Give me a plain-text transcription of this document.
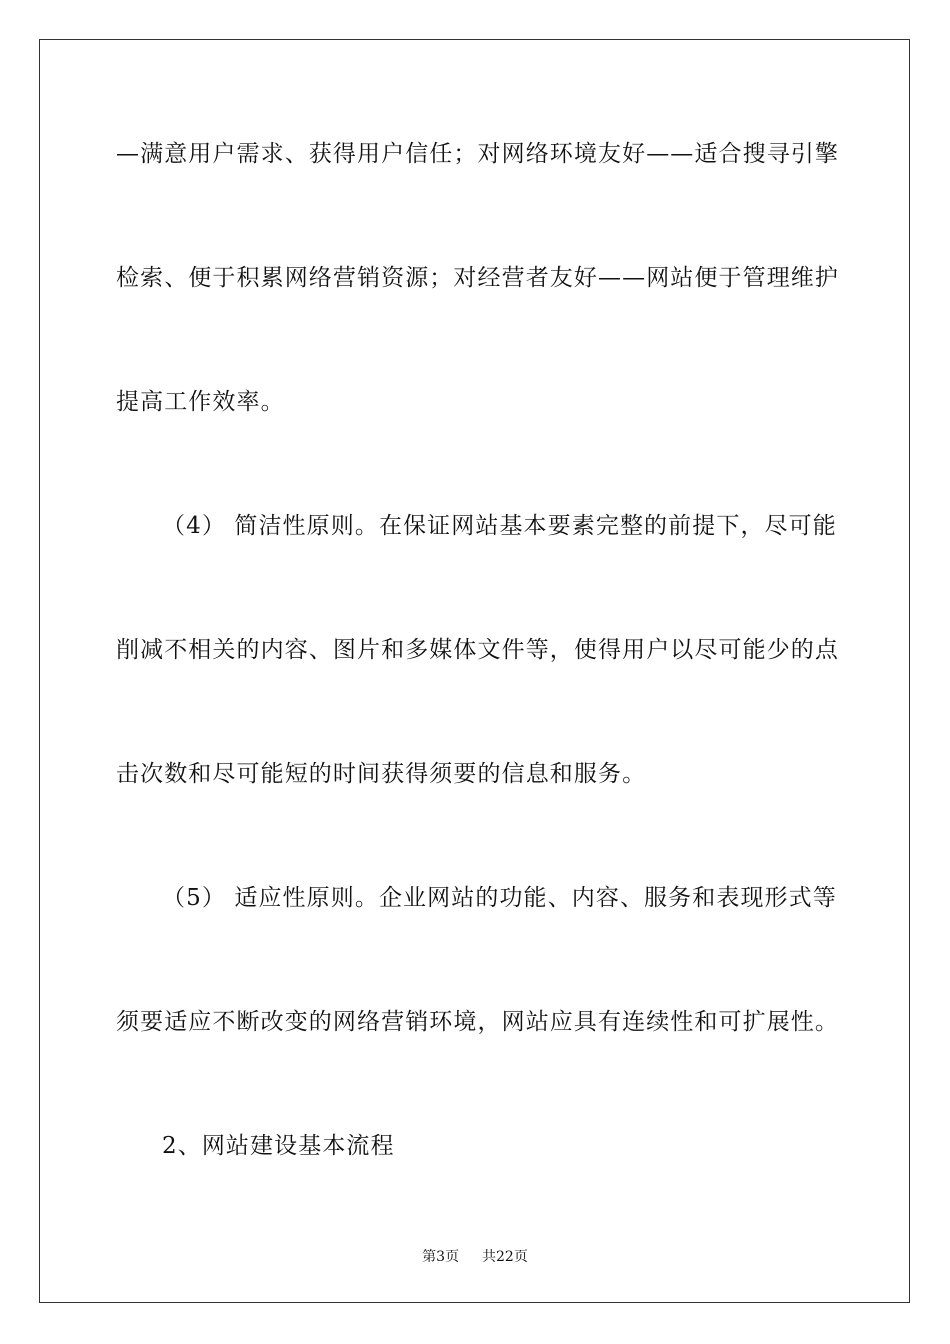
—满意用户需求、获得用户信任；对网络环境友好——适合搜寻引擎
检索、便于积累网络营销资源；对经营者友好——网站便于管理维护
提高工作效率。
（4） 简洁性原则。在保证网站基本要素完整的前提下，尽可能
削减不相关的内容、图片和多媒体文件等，使得用户以尽可能少的点
击次数和尽可能短的时间获得须要的信息和服务。
（5） 适应性原则。企业网站的功能、内容、服务和表现形式等
须要适应不断改变的网络营销环境，网站应具有连续性和可扩展性。
2、网站建设基本流程
第3页 共22页
